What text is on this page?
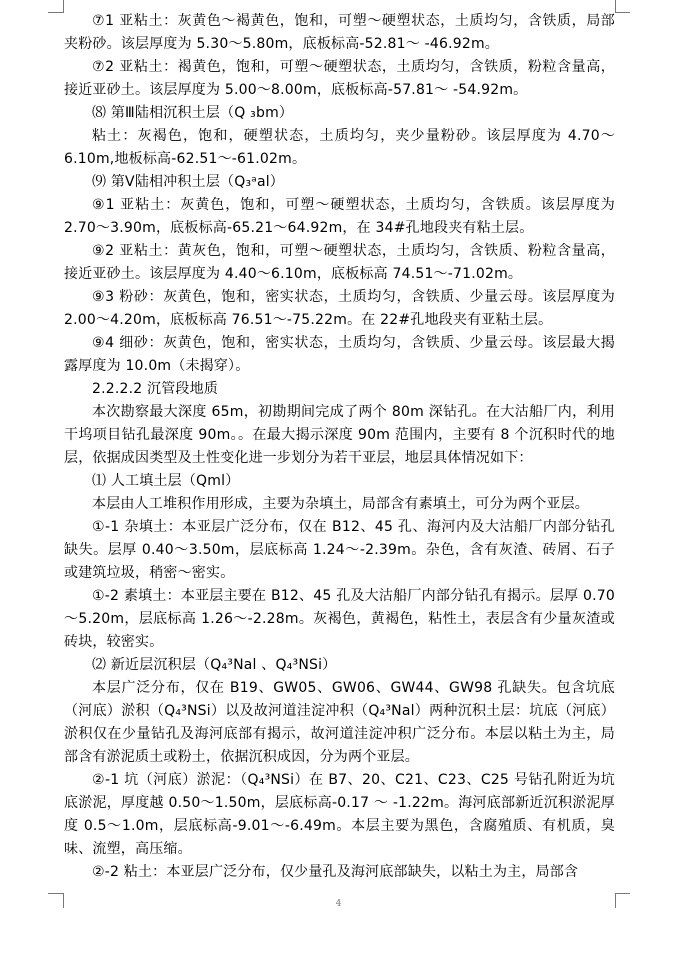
⑦1 亚粘土：灰黄色～褐黄色，饱和，可塑～硬塑状态，土质均匀，含铁质，局部夹粉砂。该层厚度为 5.30～5.80m，底板标高-52.81～ -46.92m。

⑦2 亚粘土：褐黄色，饱和，可塑～硬塑状态，土质均匀，含铁质，粉粒含量高，接近亚砂土。该层厚度为 5.00～8.00m，底板标高-57.81～ -54.92m。

⑻ 第Ⅲ陆相沉积土层（Q ₃bm）

粘土：灰褐色，饱和，硬塑状态，土质均匀，夹少量粉砂。该层厚度为 4.70～6.10m,地板标高-62.51～-61.02m。

⑼ 第Ⅴ陆相冲积土层（Q₃ᵃal）

⑨1 亚粘土：灰黄色，饱和，可塑～硬塑状态，土质均匀，含铁质。该层厚度为 2.70～3.90m，底板标高-65.21～64.92m，在 34#孔地段夹有粘土层。

⑨2 亚粘土：黄灰色，饱和，可塑～硬塑状态，土质均匀，含铁质、粉粒含量高，接近亚砂土。该层厚度为 4.40～6.10m，底板标高 74.51～-71.02m。

⑨3 粉砂：灰黄色，饱和，密实状态，土质均匀，含铁质、少量云母。该层厚度为 2.00～4.20m，底板标高 76.51～-75.22m。在 22#孔地段夹有亚粘土层。

⑨4 细砂：灰黄色，饱和，密实状态，土质均匀，含铁质、少量云母。该层最大揭露厚度为 10.0m（未揭穿）。

2.2.2.2 沉管段地质

本次勘察最大深度 65m，初勘期间完成了两个 80m 深钻孔。在大沽船厂内，利用干坞项目钻孔最深度 90m。。在最大揭示深度 90m 范围内，主要有 8 个沉积时代的地层，依据成因类型及土性变化进一步划分为若干亚层，地层具体情况如下：

⑴ 人工填土层（Qml）

本层由人工堆积作用形成，主要为杂填土，局部含有素填土，可分为两个亚层。

①-1 杂填土：本亚层广泛分布，仅在 B12、45 孔、海河内及大沽船厂内部分钻孔缺失。层厚 0.40～3.50m，层底标高 1.24～-2.39m。杂色，含有灰渣、砖屑、石子或建筑垃圾，稍密～密实。

①-2 素填土：本亚层主要在 B12、45 孔及大沽船厂内部分钻孔有揭示。层厚 0.70～5.20m，层底标高 1.26～-2.28m。灰褐色，黄褐色，粘性土，表层含有少量灰渣或砖块，较密实。

⑵ 新近层沉积层（Q₄³Nal 、Q₄³NSi）

本层广泛分布，仅在 B19、GW05、GW06、GW44、GW98 孔缺失。包含坑底（河底）淤积（Q₄³NSi）以及故河道洼淀冲积（Q₄³Nal）两种沉积土层：坑底（河底）淤积仅在少量钻孔及海河底部有揭示，故河道洼淀冲积广泛分布。本层以粘土为主，局部含有淤泥质土或粉土，依据沉积成因，分为两个亚层。

②-1 坑（河底）淤泥：（Q₄³NSi）在 B7、20、C21、C23、C25 号钻孔附近为坑底淤泥，厚度越 0.50～1.50m，层底标高-0.17 ～ -1.22m。海河底部新近沉积淤泥厚度 0.5～1.0m，层底标高-9.01～-6.49m。本层主要为黑色，含腐殖质、有机质，臭味、流塑，高压缩。

②-2 粘土：本亚层广泛分布，仅少量孔及海河底部缺失，以粘土为主，局部含

4
